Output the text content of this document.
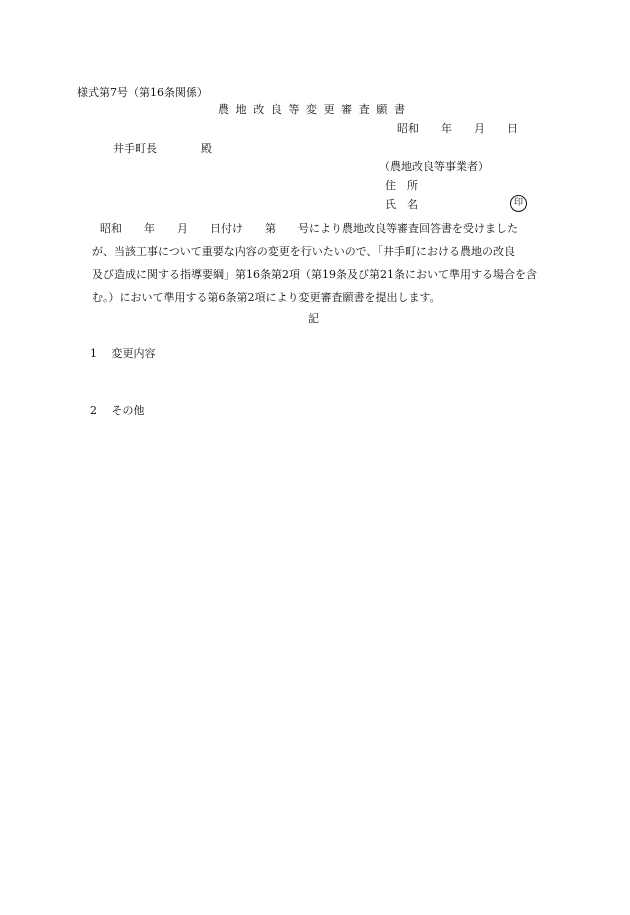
様式第7号（第16条関係）
農 地 改 良 等 変 更 審 査 願 書
昭和　　年　　月　　日
井手町長　　　　殿
（農地改良等事業者）
住　所
氏　名	印
昭和　　年　　月　　日付け　　第　　号により農地改良等審査回答書を受けました
が、当該工事について重要な内容の変更を行いたいので、「井手町における農地の改良
及び造成に関する指導要綱」第16条第2項（第19条及び第21条において準用する場合を含
む。）において準用する第6条第2項により変更審査願書を提出します。
記
1　 変更内容
2　 その他
